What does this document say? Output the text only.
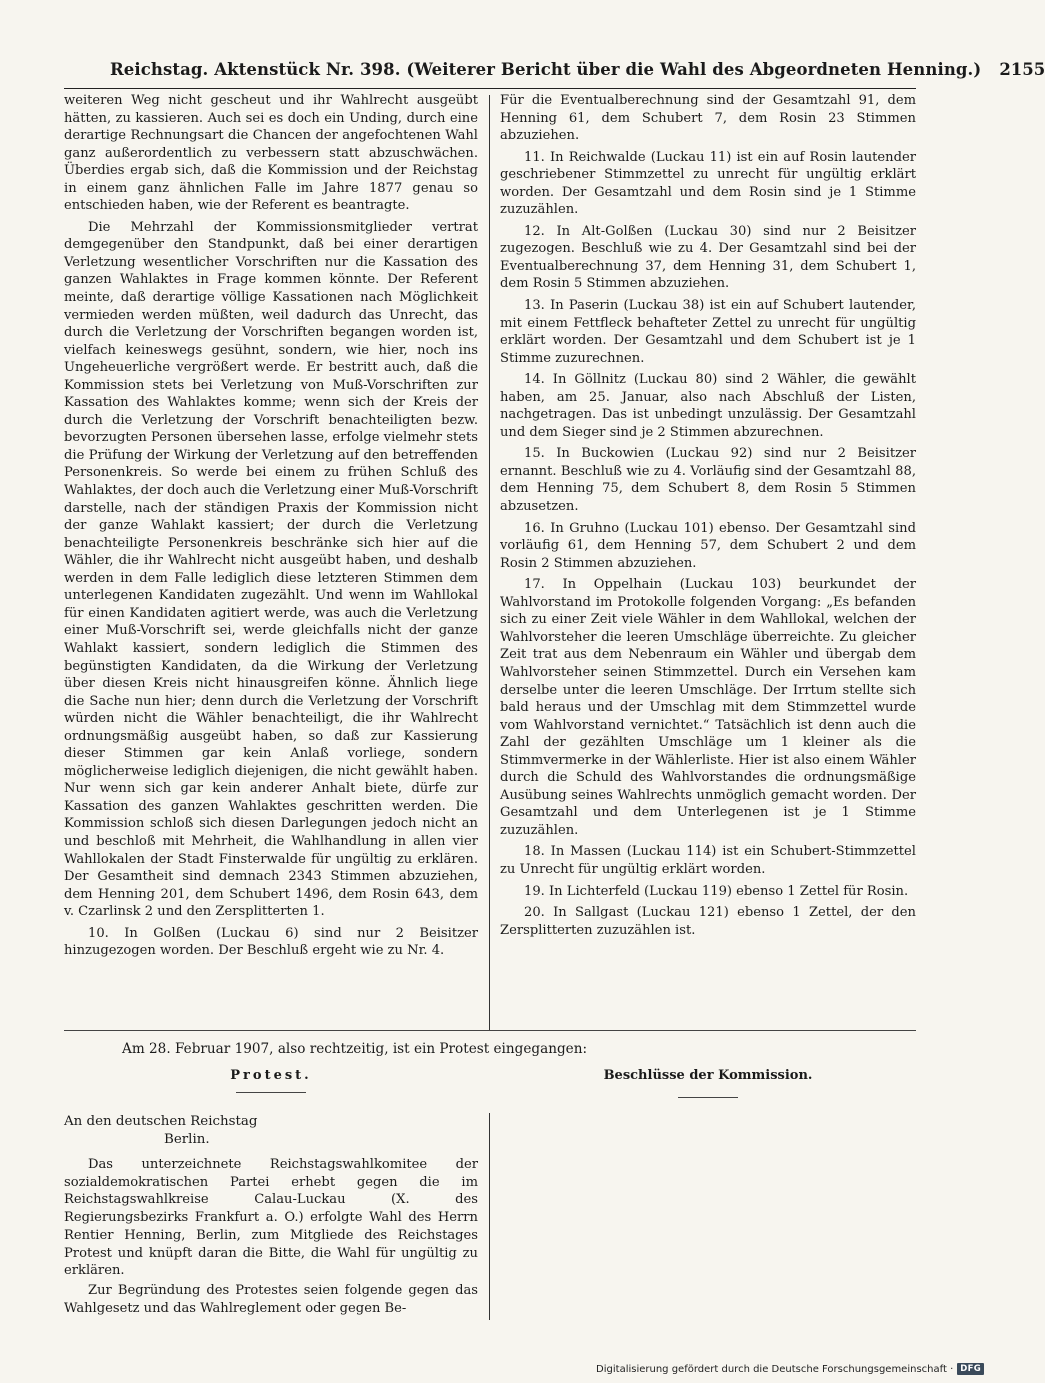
Reichstag. Aktenstück Nr. 398. (Weiterer Bericht über die Wahl des Abgeordneten Henning.) 2155

weiteren Weg nicht gescheut und ihr Wahlrecht ausgeübt hätten, zu kassieren. Auch sei es doch ein Unding, durch eine derartige Rechnungsart die Chancen der angefochtenen Wahl ganz außerordentlich zu verbessern statt abzuschwächen. Überdies ergab sich, daß die Kommission und der Reichstag in einem ganz ähnlichen Falle im Jahre 1877 genau so entschieden haben, wie der Referent es beantragte.

Die Mehrzahl der Kommissionsmitglieder vertrat demgegenüber den Standpunkt, daß bei einer derartigen Verletzung wesentlicher Vorschriften nur die Kassation des ganzen Wahlaktes in Frage kommen könnte. Der Referent meinte, daß derartige völlige Kassationen nach Möglichkeit vermieden werden müßten, weil dadurch das Unrecht, das durch die Verletzung der Vorschriften begangen worden ist, vielfach keineswegs gesühnt, sondern, wie hier, noch ins Ungeheuerliche vergrößert werde. Er bestritt auch, daß die Kommission stets bei Verletzung von Muß-Vorschriften zur Kassation des Wahlaktes komme; wenn sich der Kreis der durch die Verletzung der Vorschrift benachteiligten bezw. bevorzugten Personen übersehen lasse, erfolge vielmehr stets die Prüfung der Wirkung der Verletzung auf den betreffenden Personenkreis. So werde bei einem zu frühen Schluß des Wahlaktes, der doch auch die Verletzung einer Muß-Vorschrift darstelle, nach der ständigen Praxis der Kommission nicht der ganze Wahlakt kassiert; der durch die Verletzung benachteiligte Personenkreis beschränke sich hier auf die Wähler, die ihr Wahlrecht nicht ausgeübt haben, und deshalb werden in dem Falle lediglich diese letzteren Stimmen dem unterlegenen Kandidaten zugezählt. Und wenn im Wahllokal für einen Kandidaten agitiert werde, was auch die Verletzung einer Muß-Vorschrift sei, werde gleichfalls nicht der ganze Wahlakt kassiert, sondern lediglich die Stimmen des begünstigten Kandidaten, da die Wirkung der Verletzung über diesen Kreis nicht hinausgreifen könne. Ähnlich liege die Sache nun hier; denn durch die Verletzung der Vorschrift würden nicht die Wähler benachteiligt, die ihr Wahlrecht ordnungsmäßig ausgeübt haben, so daß zur Kassierung dieser Stimmen gar kein Anlaß vorliege, sondern möglicherweise lediglich diejenigen, die nicht gewählt haben. Nur wenn sich gar kein anderer Anhalt biete, dürfe zur Kassation des ganzen Wahlaktes geschritten werden. Die Kommission schloß sich diesen Darlegungen jedoch nicht an und beschloß mit Mehrheit, die Wahlhandlung in allen vier Wahllokalen der Stadt Finsterwalde für ungültig zu erklären. Der Gesamtheit sind demnach 2343 Stimmen abzuziehen, dem Henning 201, dem Schubert 1496, dem Rosin 643, dem v. Czarlinsk 2 und den Zersplitterten 1.

10. In Golßen (Luckau 6) sind nur 2 Beisitzer hinzugezogen worden. Der Beschluß ergeht wie zu Nr. 4.

Für die Eventualberechnung sind der Gesamtzahl 91, dem Henning 61, dem Schubert 7, dem Rosin 23 Stimmen abzuziehen.

11. In Reichwalde (Luckau 11) ist ein auf Rosin lautender geschriebener Stimmzettel zu unrecht für ungültig erklärt worden. Der Gesamtzahl und dem Rosin sind je 1 Stimme zuzuzählen.

12. In Alt-Golßen (Luckau 30) sind nur 2 Beisitzer zugezogen. Beschluß wie zu 4. Der Gesamtzahl sind bei der Eventualberechnung 37, dem Henning 31, dem Schubert 1, dem Rosin 5 Stimmen abzuziehen.

13. In Paserin (Luckau 38) ist ein auf Schubert lautender, mit einem Fettfleck behafteter Zettel zu unrecht für ungültig erklärt worden. Der Gesamtzahl und dem Schubert ist je 1 Stimme zuzurechnen.

14. In Göllnitz (Luckau 80) sind 2 Wähler, die gewählt haben, am 25. Januar, also nach Abschluß der Listen, nachgetragen. Das ist unbedingt unzulässig. Der Gesamtzahl und dem Sieger sind je 2 Stimmen abzurechnen.

15. In Buckowien (Luckau 92) sind nur 2 Beisitzer ernannt. Beschluß wie zu 4. Vorläufig sind der Gesamtzahl 88, dem Henning 75, dem Schubert 8, dem Rosin 5 Stimmen abzusetzen.

16. In Gruhno (Luckau 101) ebenso. Der Gesamtzahl sind vorläufig 61, dem Henning 57, dem Schubert 2 und dem Rosin 2 Stimmen abzuziehen.

17. In Oppelhain (Luckau 103) beurkundet der Wahlvorstand im Protokolle folgenden Vorgang: „Es befanden sich zu einer Zeit viele Wähler in dem Wahllokal, welchen der Wahlvorsteher die leeren Umschläge überreichte. Zu gleicher Zeit trat aus dem Nebenraum ein Wähler und übergab dem Wahlvorsteher seinen Stimmzettel. Durch ein Versehen kam derselbe unter die leeren Umschläge. Der Irrtum stellte sich bald heraus und der Umschlag mit dem Stimmzettel wurde vom Wahlvorstand vernichtet.“ Tatsächlich ist denn auch die Zahl der gezählten Umschläge um 1 kleiner als die Stimmvermerke in der Wählerliste. Hier ist also einem Wähler durch die Schuld des Wahlvorstandes die ordnungsmäßige Ausübung seines Wahlrechts unmöglich gemacht worden. Der Gesamtzahl und dem Unterlegenen ist je 1 Stimme zuzuzählen.

18. In Massen (Luckau 114) ist ein Schubert-Stimmzettel zu Unrecht für ungültig erklärt worden.

19. In Lichterfeld (Luckau 119) ebenso 1 Zettel für Rosin.

20. In Sallgast (Luckau 121) ebenso 1 Zettel, der den Zersplitterten zuzuzählen ist.

Am 28. Februar 1907, also rechtzeitig, ist ein Protest eingegangen:
Protest.	Beschlüsse der Kommission.
An den deutschen Reichstag
Berlin.

Das unterzeichnete Reichstagswahlkomitee der sozialdemokratischen Partei erhebt gegen die im Reichstagswahlkreise Calau-Luckau (X. des Regierungsbezirks Frankfurt a. O.) erfolgte Wahl des Herrn Rentier Henning, Berlin, zum Mitgliede des Reichstages Protest und knüpft daran die Bitte, die Wahl für ungültig zu erklären.

Zur Begründung des Protestes seien folgende gegen das Wahlgesetz und das Wahlreglement oder gegen Be-

Digitalisierung gefördert durch die Deutsche Forschungsgemeinschaft · DFG
